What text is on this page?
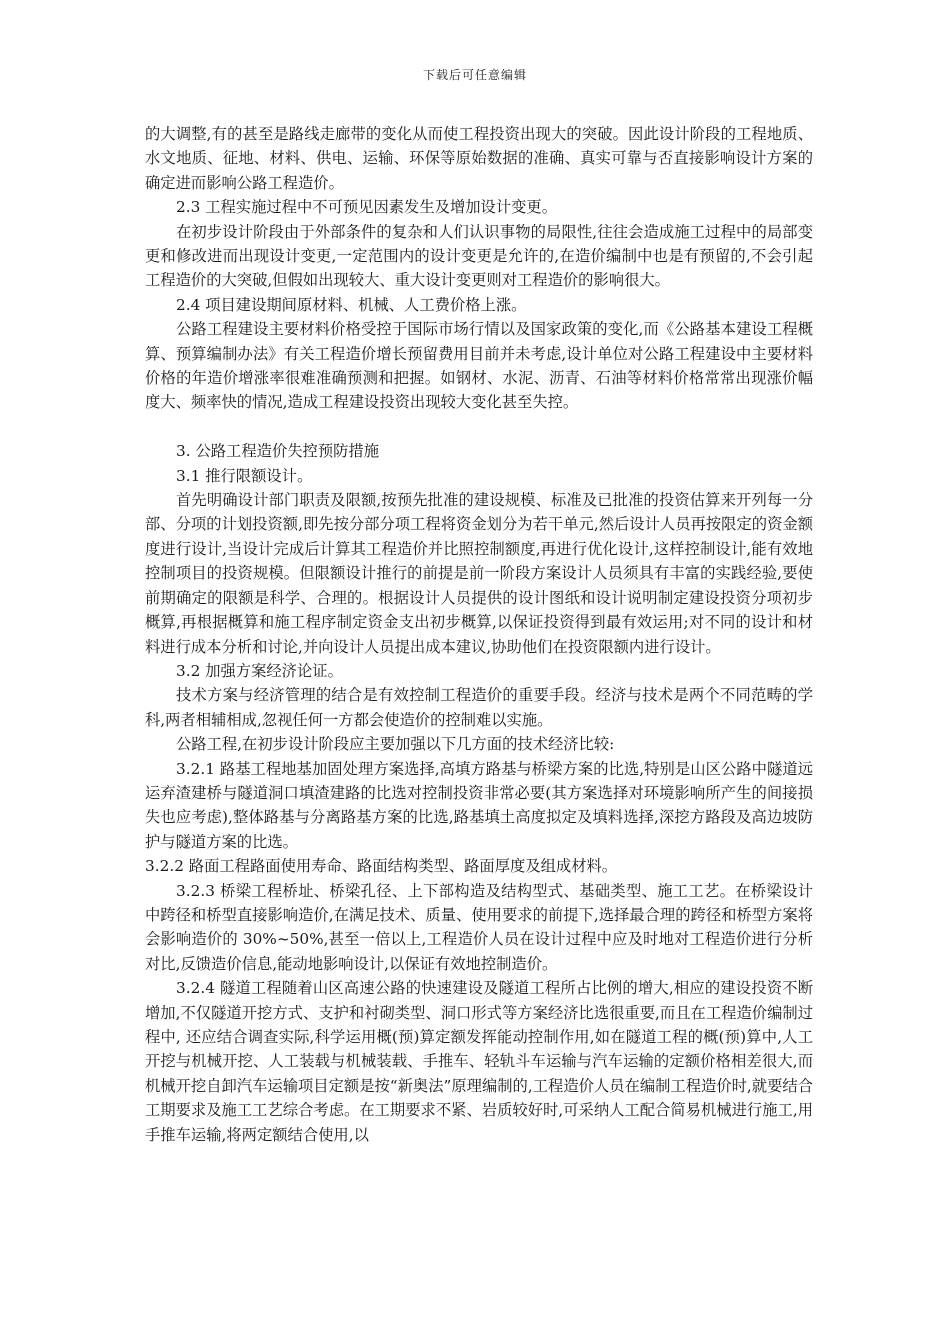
下载后可任意编辑

的大调整,有的甚至是路线走廊带的变化从而使工程投资出现大的突破。因此设计阶段的工程地质、水文地质、征地、材料、供电、运输、环保等原始数据的准确、真实可靠与否直接影响设计方案的确定进而影响公路工程造价。

2.3 工程实施过程中不可预见因素发生及增加设计变更。

在初步设计阶段由于外部条件的复杂和人们认识事物的局限性,往往会造成施工过程中的局部变更和修改进而出现设计变更,一定范围内的设计变更是允许的,在造价编制中也是有预留的,不会引起工程造价的大突破,但假如出现较大、重大设计变更则对工程造价的影响很大。

2.4 项目建设期间原材料、机械、人工费价格上涨。

公路工程建设主要材料价格受控于国际市场行情以及国家政策的变化,而《公路基本建设工程概算、预算编制办法》有关工程造价增长预留费用目前并未考虑,设计单位对公路工程建设中主要材料价格的年造价增涨率很难准确预测和把握。如钢材、水泥、沥青、石油等材料价格常常出现涨价幅度大、频率快的情况,造成工程建设投资出现较大变化甚至失控。

3. 公路工程造价失控预防措施

3.1 推行限额设计。

首先明确设计部门职责及限额,按预先批准的建设规模、标准及已批准的投资估算来开列每一分部、分项的计划投资额,即先按分部分项工程将资金划分为若干单元,然后设计人员再按限定的资金额度进行设计,当设计完成后计算其工程造价并比照控制额度,再进行优化设计,这样控制设计,能有效地控制项目的投资规模。但限额设计推行的前提是前一阶段方案设计人员须具有丰富的实践经验,要使前期确定的限额是科学、合理的。根据设计人员提供的设计图纸和设计说明制定建设投资分项初步概算,再根据概算和施工程序制定资金支出初步概算,以保证投资得到最有效运用;对不同的设计和材料进行成本分析和讨论,并向设计人员提出成本建议,协助他们在投资限额内进行设计。

3.2 加强方案经济论证。

技术方案与经济管理的结合是有效控制工程造价的重要手段。经济与技术是两个不同范畴的学科,两者相辅相成,忽视任何一方都会使造价的控制难以实施。

公路工程,在初步设计阶段应主要加强以下几方面的技术经济比较:

3.2.1 路基工程地基加固处理方案选择,高填方路基与桥梁方案的比选,特别是山区公路中隧道远运弃渣建桥与隧道洞口填渣建路的比选对控制投资非常必要(其方案选择对环境影响所产生的间接损失也应考虑),整体路基与分离路基方案的比选,路基填土高度拟定及填料选择,深挖方路段及高边坡防护与隧道方案的比选。

3.2.2 路面工程路面使用寿命、路面结构类型、路面厚度及组成材料。

3.2.3 桥梁工程桥址、桥梁孔径、上下部构造及结构型式、基础类型、施工工艺。在桥梁设计中跨径和桥型直接影响造价,在满足技术、质量、使用要求的前提下,选择最合理的跨径和桥型方案将会影响造价的 30%~50%,甚至一倍以上,工程造价人员在设计过程中应及时地对工程造价进行分析对比,反馈造价信息,能动地影响设计,以保证有效地控制造价。

3.2.4 隧道工程随着山区高速公路的快速建设及隧道工程所占比例的增大,相应的建设投资不断增加,不仅隧道开挖方式、支护和衬砌类型、洞口形式等方案经济比选很重要,而且在工程造价编制过程中, 还应结合调查实际,科学运用概(预)算定额发挥能动控制作用,如在隧道工程的概(预)算中,人工开挖与机械开挖、人工装载与机械装载、手推车、轻轨斗车运输与汽车运输的定额价格相差很大,而机械开挖自卸汽车运输项目定额是按“新奥法”原理编制的,工程造价人员在编制工程造价时,就要结合工期要求及施工工艺综合考虑。在工期要求不紧、岩质较好时,可采纳人工配合简易机械进行施工,用手推车运输,将两定额结合使用,以
